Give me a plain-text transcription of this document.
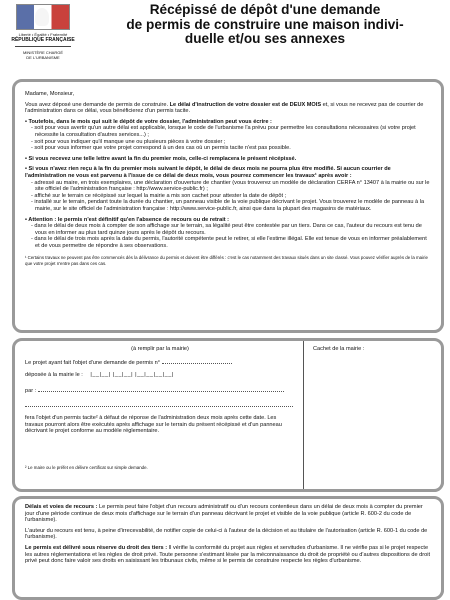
Liberté • Égalité • Fraternité
RÉPUBLIQUE FRANÇAISE
MINISTÈRE CHARGÉ
DE L'URBANISME
Récépissé de dépôt d'une demande
de permis de construire une maison indivi-
duelle et/ou ses annexes

Madame, Monsieur,

Vous avez déposé une demande de permis de construire. Le délai d'instruction de votre dossier est de DEUX MOIS et, si vous ne recevez pas de courrier de l'administration dans ce délai, vous bénéficierez d'un permis tacite.

• Toutefois, dans le mois qui suit le dépôt de votre dossier, l'administration peut vous écrire :

- soit pour vous avertir qu'un autre délai est applicable, lorsque le code de l'urbanisme l'a prévu pour permettre les consultations nécessaires (si votre projet nécessite la consultation d'autres services...) ;

- soit pour vous indiquer qu'il manque une ou plusieurs pièces à votre dossier ;

- soit pour vous informer que votre projet correspond à un des cas où un permis tacite n'est pas possible.

• Si vous recevez une telle lettre avant la fin du premier mois, celle-ci remplacera le présent récépissé.

• Si vous n'avez rien reçu à la fin du premier mois suivant le dépôt, le délai de deux mois ne pourra plus être modifié. Si aucun courrier de l'administration ne vous est parvenu à l'issue de ce délai de deux mois, vous pourrez commencer les travaux¹ après avoir :

- adressé au maire, en trois exemplaires, une déclaration d'ouverture de chantier (vous trouverez un modèle de déclaration CERFA n° 13407 à la mairie ou sur le site officiel de l'administration française : http://www.service-public.fr) ;

- affiché sur le terrain ce récépissé sur lequel la mairie a mis son cachet pour attester la date de dépôt ;

- installé sur le terrain, pendant toute la durée du chantier, un panneau visible de la voie publique décrivant le projet. Vous trouverez le modèle de panneau à la mairie, sur le site officiel de l'administration française : http://www.service-public.fr, ainsi que dans la plupart des magasins de matériaux.

• Attention : le permis n'est définitif qu'en l'absence de recours ou de retrait :

- dans le délai de deux mois à compter de son affichage sur le terrain, sa légalité peut être contestée par un tiers. Dans ce cas, l'auteur du recours est tenu de vous en informer au plus tard quinze jours après le dépôt du recours.

- dans le délai de trois mois après la date du permis, l'autorité compétente peut le retirer, si elle l'estime illégal. Elle est tenue de vous en informer préalablement et de vous permettre de répondre à ses observations.

¹ Certains travaux ne peuvent pas être commencés dès la délivrance du permis et doivent être différés : c'est le cas notamment des travaux situés dans un site classé. Vous pouvez vérifier auprès de la mairie que votre projet n'entre pas dans ces cas.

(à remplir par la mairie)
Le projet ayant fait l'objet d'une demande de permis n°
déposée à la mairie le : |__|__| |__|__| |__|__|__|__|
par :

fera l'objet d'un permis tacite² à défaut de réponse de l'administration deux mois après cette date. Les travaux pourront alors être exécutés après affichage sur le terrain du présent récépissé et d'un panneau décrivant le projet conforme au modèle réglementaire.

² Le maire ou le préfet en délivre certificat sur simple demande.

Cachet de la mairie :

Délais et voies de recours : Le permis peut faire l'objet d'un recours administratif ou d'un recours contentieux dans un délai de deux mois à compter du premier jour d'une période continue de deux mois d'affichage sur le terrain d'un panneau décrivant le projet et visible de la voie publique (article R. 600-2 du code de l'urbanisme).

L'auteur du recours est tenu, à peine d'irrecevabilité, de notifier copie de celui-ci à l'auteur de la décision et au titulaire de l'autorisation (article R. 600-1 du code de l'urbanisme).

Le permis est délivré sous réserve du droit des tiers : Il vérifie la conformité du projet aux règles et servitudes d'urbanisme. Il ne vérifie pas si le projet respecte les autres réglementations et les règles de droit privé. Toute personne s'estimant lésée par la méconnaissance du droit de propriété ou d'autres dispositions de droit privé peut donc faire valoir ses droits en saisissant les tribunaux civils, même si le permis de construire respecte les règles d'urbanisme.
